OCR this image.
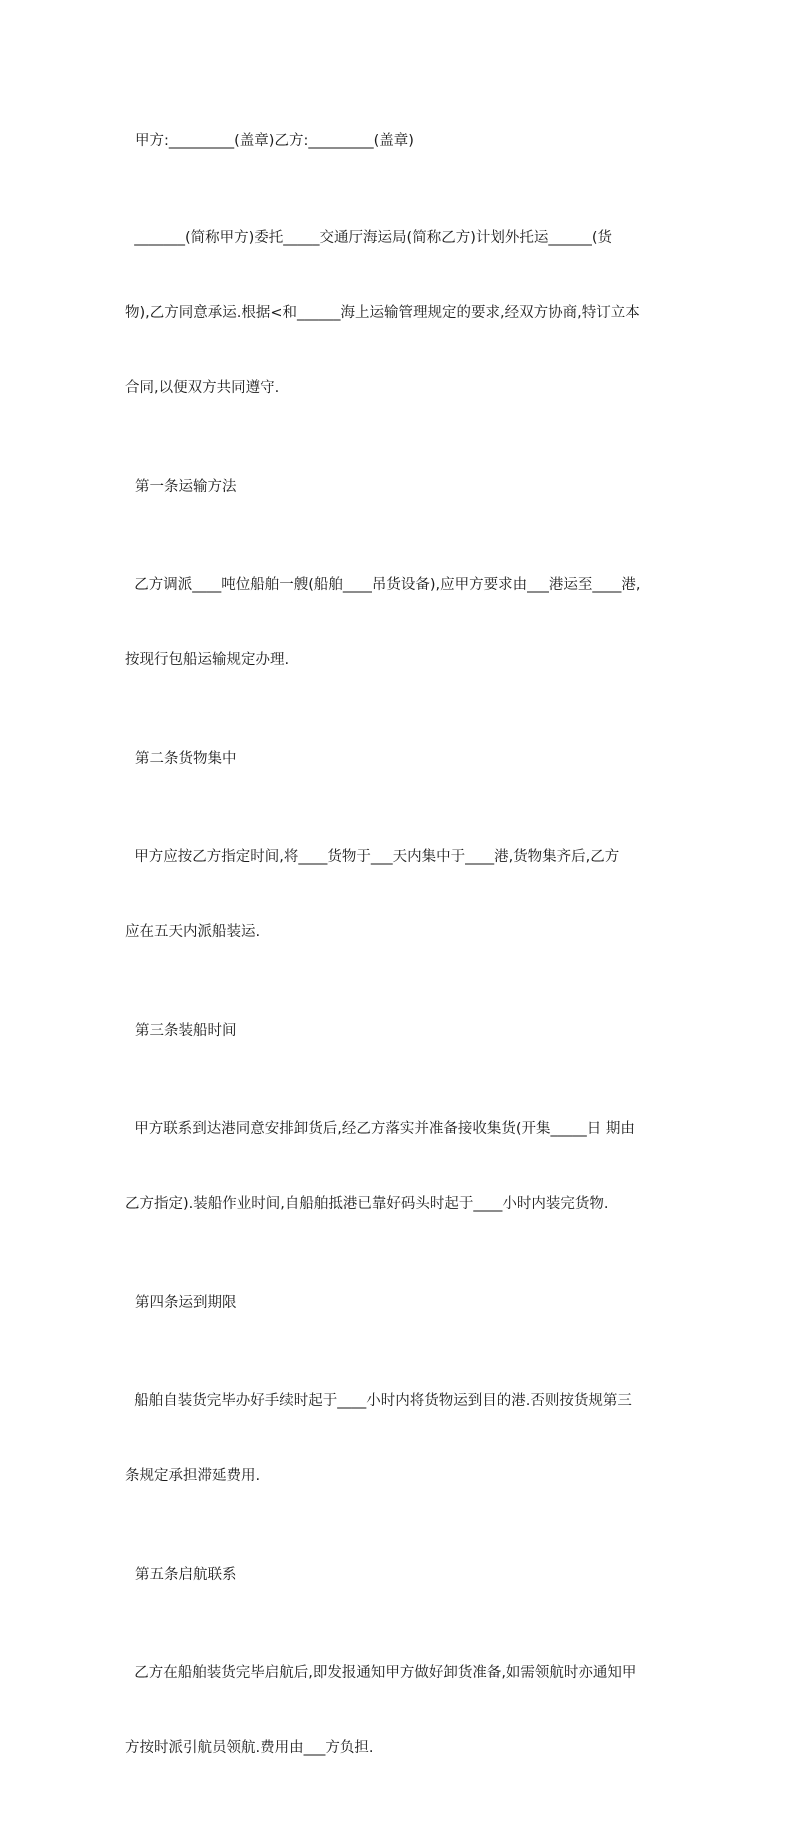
甲方:_________(盖章)乙方:_________(盖章)

_______(简称甲方)委托_____交通厅海运局(简称乙方)计划外托运______(货

物),乙方同意承运.根据<和______海上运输管理规定的要求,经双方协商,特订立本

合同,以便双方共同遵守.

第一条运输方法

乙方调派____吨位船舶一艘(船舶____吊货设备),应甲方要求由___港运至____港,

按现行包船运输规定办理.

第二条货物集中

甲方应按乙方指定时间,将____货物于___天内集中于____港,货物集齐后,乙方

应在五天内派船装运.

第三条装船时间

甲方联系到达港同意安排卸货后,经乙方落实并准备接收集货(开集_____日 期由

乙方指定).装船作业时间,自船舶抵港已靠好码头时起于____小时内装完货物.

第四条运到期限

船舶自装货完毕办好手续时起于____小时内将货物运到目的港.否则按货规第三

条规定承担滞延费用.

第五条启航联系

乙方在船舶装货完毕启航后,即发报通知甲方做好卸货准备,如需领航时亦通知甲

方按时派引航员领航.费用由___方负担.
